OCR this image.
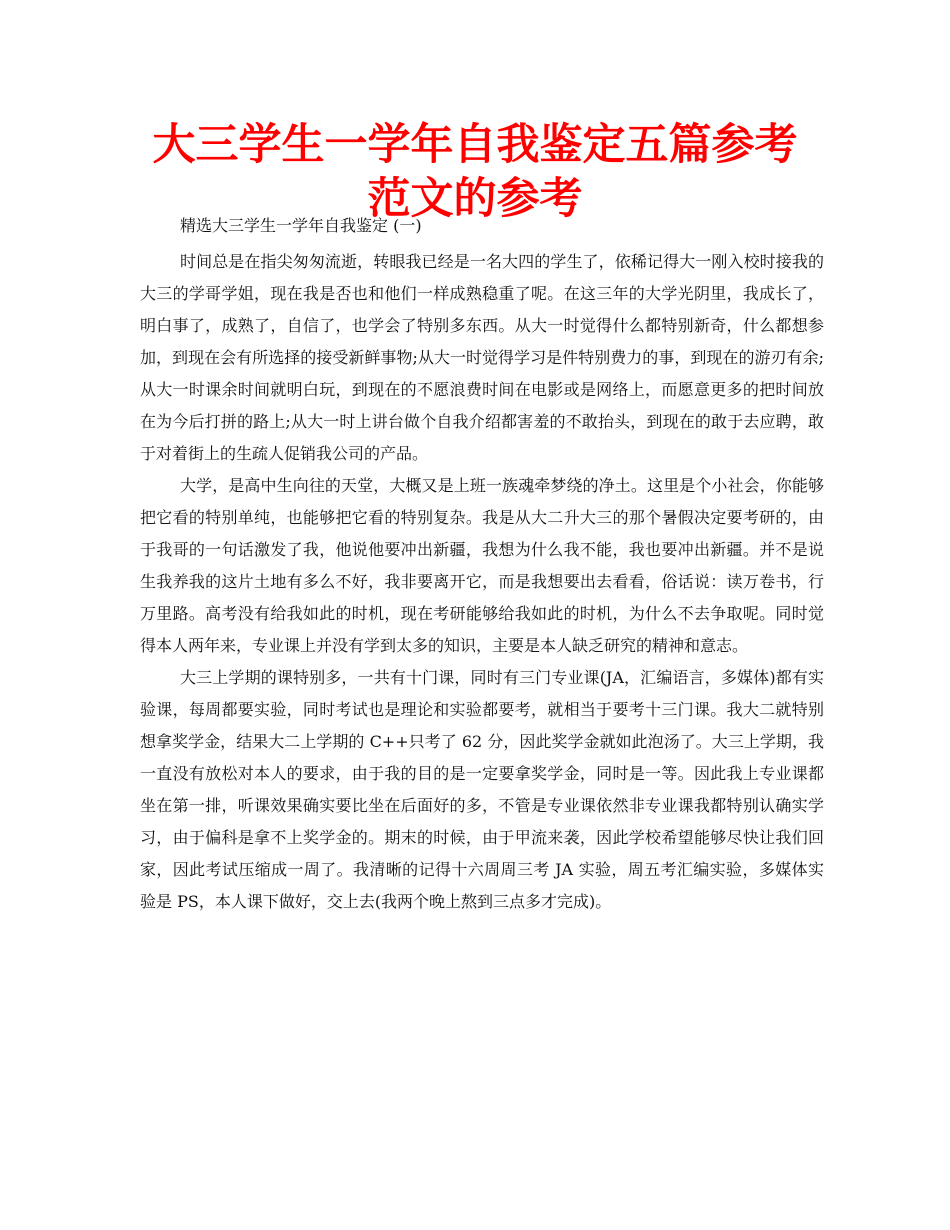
大三学生一学年自我鉴定五篇参考范文的参考

精选大三学生一学年自我鉴定 (一)

时间总是在指尖匆匆流逝，转眼我已经是一名大四的学生了，依稀记得大一刚入校时接我的大三的学哥学姐，现在我是否也和他们一样成熟稳重了呢。在这三年的大学光阴里，我成长了，明白事了，成熟了，自信了，也学会了特别多东西。从大一时觉得什么都特别新奇，什么都想参加，到现在会有所选择的接受新鲜事物;从大一时觉得学习是件特别费力的事，到现在的游刃有余;从大一时课余时间就明白玩，到现在的不愿浪费时间在电影或是网络上，而愿意更多的把时间放在为今后打拼的路上;从大一时上讲台做个自我介绍都害羞的不敢抬头，到现在的敢于去应聘，敢于对着街上的生疏人促销我公司的产品。

大学，是高中生向往的天堂，大概又是上班一族魂牵梦绕的净土。这里是个小社会，你能够把它看的特别单纯，也能够把它看的特别复杂。我是从大二升大三的那个暑假决定要考研的，由于我哥的一句话激发了我，他说他要冲出新疆，我想为什么我不能，我也要冲出新疆。并不是说生我养我的这片土地有多么不好，我非要离开它，而是我想要出去看看，俗话说：读万卷书，行万里路。高考没有给我如此的时机，现在考研能够给我如此的时机，为什么不去争取呢。同时觉得本人两年来，专业课上并没有学到太多的知识，主要是本人缺乏研究的精神和意志。

大三上学期的课特别多，一共有十门课，同时有三门专业课(JA，汇编语言，多媒体)都有实验课，每周都要实验，同时考试也是理论和实验都要考，就相当于要考十三门课。我大二就特别想拿奖学金，结果大二上学期的 C++只考了 62 分，因此奖学金就如此泡汤了。大三上学期，我一直没有放松对本人的要求，由于我的目的是一定要拿奖学金，同时是一等。因此我上专业课都坐在第一排，听课效果确实要比坐在后面好的多，不管是专业课依然非专业课我都特别认确实学习，由于偏科是拿不上奖学金的。期末的时候，由于甲流来袭，因此学校希望能够尽快让我们回家，因此考试压缩成一周了。我清晰的记得十六周周三考 JA 实验，周五考汇编实验，多媒体实验是 PS，本人课下做好，交上去(我两个晚上熬到三点多才完成)。
